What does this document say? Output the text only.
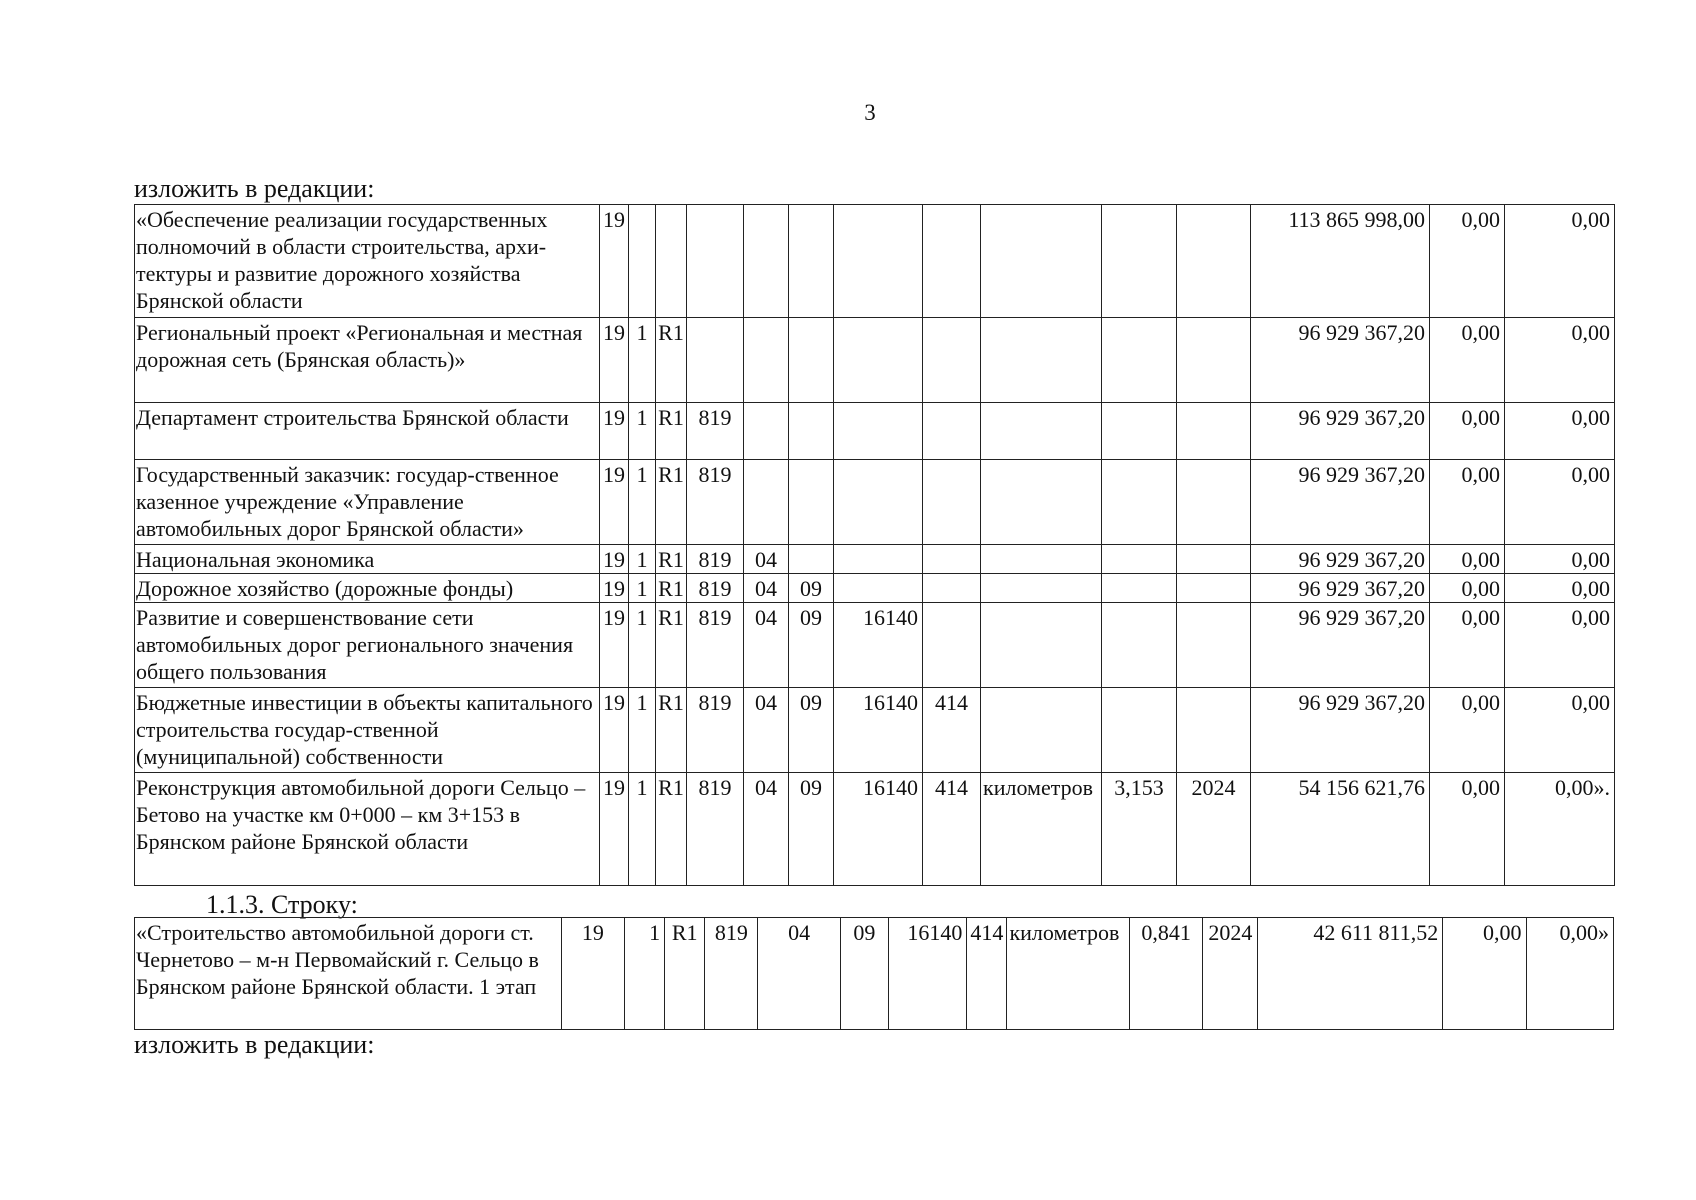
3
изложить в редакции:
«Обеспечение реализации государственных полномочий в области строительства, архи-тектуры и развитие дорожного хозяйства Брянской области	19											113 865 998,00	0,00	0,00
Региональный проект «Региональная и местная дорожная сеть (Брянская область)»	19	1	R1									96 929 367,20	0,00	0,00
Департамент строительства Брянской области	19	1	R1	819								96 929 367,20	0,00	0,00
Государственный заказчик: государ-ственное казенное учреждение «Управление автомобильных дорог Брянской области»	19	1	R1	819								96 929 367,20	0,00	0,00
Национальная экономика	19	1	R1	819	04							96 929 367,20	0,00	0,00
Дорожное хозяйство (дорожные фонды)	19	1	R1	819	04	09						96 929 367,20	0,00	0,00
Развитие и совершенствование сети автомобильных дорог регионального значения общего пользования	19	1	R1	819	04	09	16140					96 929 367,20	0,00	0,00
Бюджетные инвестиции в объекты капитального строительства государ-ственной (муниципальной) собственности	19	1	R1	819	04	09	16140	414				96 929 367,20	0,00	0,00
Реконструкция автомобильной дороги Сельцо – Бетово на участке км 0+000 – км 3+153 в Брянском районе Брянской области	19	1	R1	819	04	09	16140	414	километров	3,153	2024	54 156 621,76	0,00	0,00».
1.1.3. Строку:
«Строительство автомобильной дороги ст. Чернетово – м-н Первомайский г. Сельцо в Брянском районе Брянской области. 1 этап	19	1	R1	819	04	09	16140	414	километров	0,841	2024	42 611 811,52	0,00	0,00»
изложить в редакции:
